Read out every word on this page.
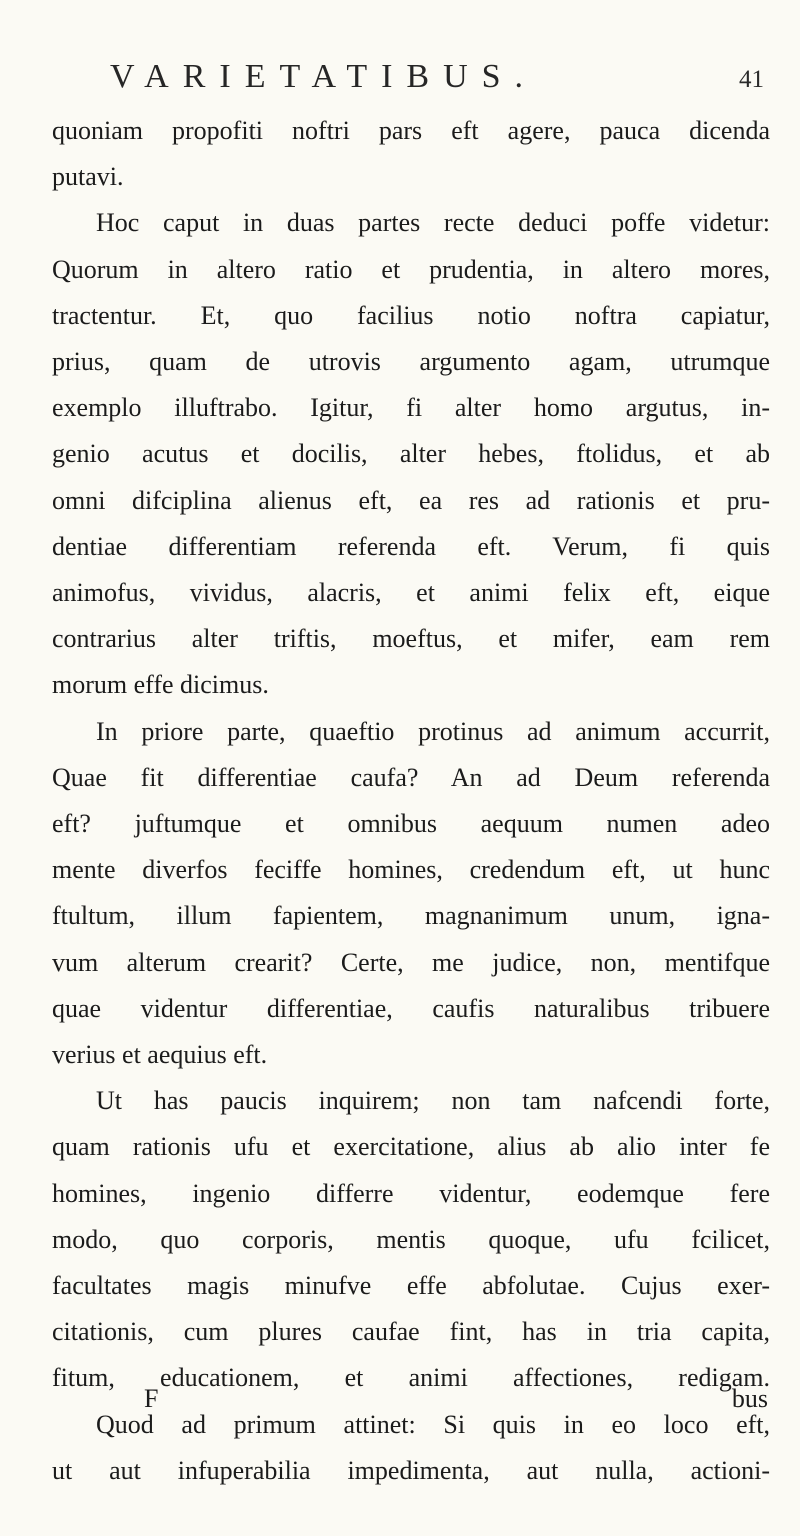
VARIETATIBUS.	41
quoniam propofiti noftri pars eft agere, pauca dicenda
putavi.
Hoc caput in duas partes recte deduci poffe videtur:
Quorum in altero ratio et prudentia, in altero mores,
tractentur. Et, quo facilius notio noftra capiatur,
prius, quam de utrovis argumento agam, utrumque
exemplo illuftrabo. Igitur, fi alter homo argutus, in-
genio acutus et docilis, alter hebes, ftolidus, et ab
omni difciplina alienus eft, ea res ad rationis et pru-
dentiae differentiam referenda eft. Verum, fi quis
animofus, vividus, alacris, et animi felix eft, eique
contrarius alter triftis, moeftus, et mifer, eam rem
morum effe dicimus.
In priore parte, quaeftio protinus ad animum accurrit,
Quae fit differentiae caufa? An ad Deum referenda
eft? juftumque et omnibus aequum numen adeo
mente diverfos feciffe homines, credendum eft, ut hunc
ftultum, illum fapientem, magnanimum unum, igna-
vum alterum crearit? Certe, me judice, non, mentifque
quae videntur differentiae, caufis naturalibus tribuere
verius et aequius eft.
Ut has paucis inquirem; non tam nafcendi forte,
quam rationis ufu et exercitatione, alius ab alio inter fe
homines, ingenio differre videntur, eodemque fere
modo, quo corporis, mentis quoque, ufu fcilicet,
facultates magis minufve effe abfolutae. Cujus exer-
citationis, cum plures caufae fint, has in tria capita,
fitum, educationem, et animi affectiones, redigam.
Quod ad primum attinet: Si quis in eo loco eft,
ut aut infuperabilia impedimenta, aut nulla, actioni-
F	bus
